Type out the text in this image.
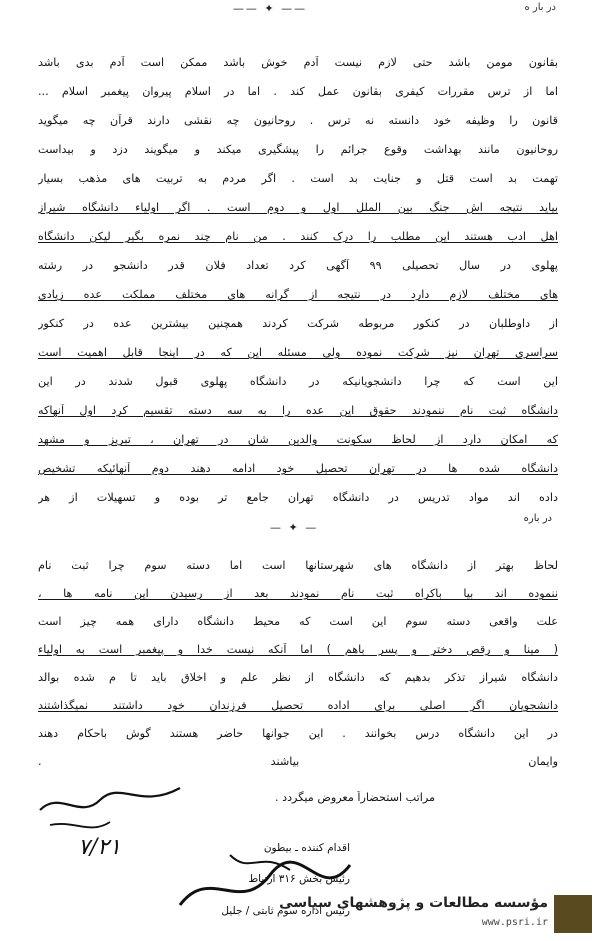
—— ✦ ——	در بار ه
بقانون مومن باشد حتی لازم نیست آدم خوش باشد ممکن است آدم بدی باشد
اما از ترس مقررات کیفری بقانون عمل کند . اما در اسلام پیروان پیغمبر اسلام ...
قانون را وظیفه خود دانسته نه ترس . روحانیون چه نقشی دارند قرآن چه میگوید
روحانیون مانند بهداشت وقوع جرائم را پیشگیری میکند و میگویند دزد و بیداست
تهمت بد است قتل و جنایت بد است . اگر مردم به تربیت های مذهب بسیار
بیاید نتیجه اش جنگ بین الملل اول و دوم است . اگر اولیاء دانشگاه شیراز
اهل ادب هستند این مطلب را درک کنند . من نام چند نمره بگیر لیکن دانشگاه
پهلوی در سال تحصیلی ۹۹ آگهی کرد تعداد فلان قدر دانشجو در رشته
های مختلف لازم دارد در نتیجه از گرانه های مختلف مملکت عده زیادی
از داوطلبان در کنکور مربوطه شرکت کردند همچنین بیشترین عده در کنکور
سراسری تهران نیز شرکت نموده ولی مسئله این که در اینجا قابل اهمیت است
این است که چرا دانشجویانیکه در دانشگاه پهلوی قبول شدند در این
دانشگاه ثبت نام ننمودند حقوق این عده را به سه دسته تقسیم کرد اول آنهاکه
که امکان دارد از لحاظ سکونت والدین شان در تهران ، تبریز و مشهد
دانشگاه شده ها در تهران تحصیل خود ادامه دهند دوم آنهائیکه تشخیص
داده اند مواد تدریس در دانشگاه تهران جامع تر بوده و تسهیلات از هر
در باره
— ✦ —
لحاظ بهتر از دانشگاه های شهرستانها است اما دسته سوم چرا ثبت نام
ننموده اند بیا باکراه ثبت نام نمودند بعد از رسیدن این نامه ها ،
علت واقعی دسته سوم این است که محیط دانشگاه دارای همه چیز است
( مینا و رقص دختر و پسر باهم ) اما آنکه نیست خدا و پیغمبر است به اولیاء
دانشگاه شیراز تذکر بدهیم که دانشگاه از نظر علم و اخلاق باید تا م شده بوالد
دانشجویان اگر اصلی برای اداده تحصیل فرزندان خود داشتند نمیگذاشتند
در این دانشگاه درس بخوانند . این جوانها حاضر هستند گوش باحکام دهند
وایمان بیاشند .
مراتب استحضاراً معروض میگردد .
۷/۲۱	اقدام کننده ـ بیطون
رئیس بخش ۳۱۶ ارتباط
رئیس اداره سوم ثابتی / جلیل
مؤسسه مطالعات و پژوهشهای سیاسی
www.psri.ir
